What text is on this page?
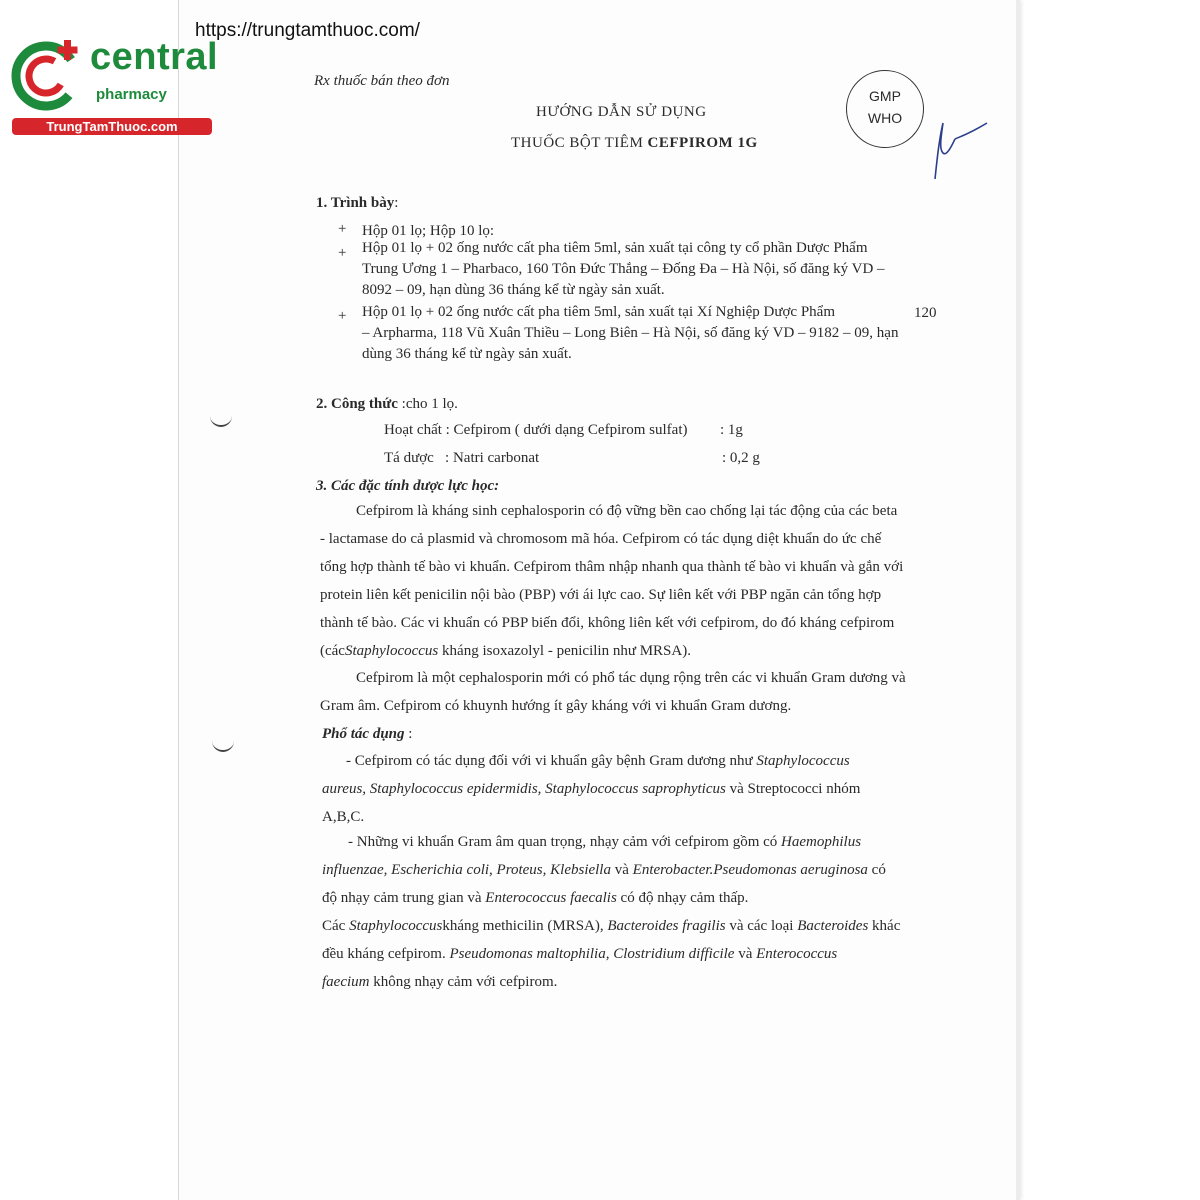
https://trungtamthuoc.com/
central
pharmacy
TrungTamThuoc.com
GMP
WHO
Rx thuốc bán theo đơn
HƯỚNG DẪN SỬ DỤNG
THUỐC BỘT TIÊM CEFPIROM 1G
1. Trình bày:
+ Hộp 01 lọ; Hộp 10 lọ:
+ Hộp 01 lọ + 02 ống nước cất pha tiêm 5ml, sản xuất tại công ty cổ phần Dược Phẩm
Trung Ương 1 – Pharbaco, 160 Tôn Đức Thắng – Đống Đa – Hà Nội, số đăng ký VD –
8092 – 09, hạn dùng 36 tháng kể từ ngày sản xuất.
+ Hộp 01 lọ + 02 ống nước cất pha tiêm 5ml, sản xuất tại Xí Nghiệp Dược Phẩm
– Arpharma, 118 Vũ Xuân Thiều – Long Biên – Hà Nội, số đăng ký VD – 9182 – 09, hạn
dùng 36 tháng kể từ ngày sản xuất.
120
2. Công thức :cho 1 lọ.
Hoạt chất : Cefpirom ( dưới dạng Cefpirom sulfat) : 1g
Tá dược   : Natri carbonat	: 0,2 g
3. Các đặc tính dược lực học:
Cefpirom là kháng sinh cephalosporin có độ vững bền cao chống lại tác động của các beta
- lactamase do cả plasmid và chromosom mã hóa. Cefpirom có tác dụng diệt khuẩn do ức chế
tổng hợp thành tế bào vi khuẩn. Cefpirom thâm nhập nhanh qua thành tế bào vi khuẩn và gắn với
protein liên kết penicilin nội bào (PBP) với ái lực cao. Sự liên kết với PBP ngăn cản tổng hợp
thành tế bào. Các vi khuẩn có PBP biến đổi, không liên kết với cefpirom, do đó kháng cefpirom
(cácStaphylococcus kháng isoxazolyl - penicilin như MRSA).
Cefpirom là một cephalosporin mới có phổ tác dụng rộng trên các vi khuẩn Gram dương và
Gram âm. Cefpirom có khuynh hướng ít gây kháng với vi khuẩn Gram dương.
Phổ tác dụng :
- Cefpirom có tác dụng đối với vi khuẩn gây bệnh Gram dương như Staphylococcus
aureus, Staphylococcus epidermidis, Staphylococcus saprophyticus và Streptococci nhóm
A,B,C.
- Những vi khuẩn Gram âm quan trọng, nhạy cảm với cefpirom gồm có Haemophilus
influenzae, Escherichia coli, Proteus, Klebsiella và Enterobacter.Pseudomonas aeruginosa có
độ nhạy cảm trung gian và Enterococcus faecalis có độ nhạy cảm thấp.
Các Staphylococcuskháng methicilin (MRSA), Bacteroides fragilis và các loại Bacteroides khác
đều kháng cefpirom. Pseudomonas maltophilia, Clostridium difficile và Enterococcus
faecium không nhạy cảm với cefpirom.
